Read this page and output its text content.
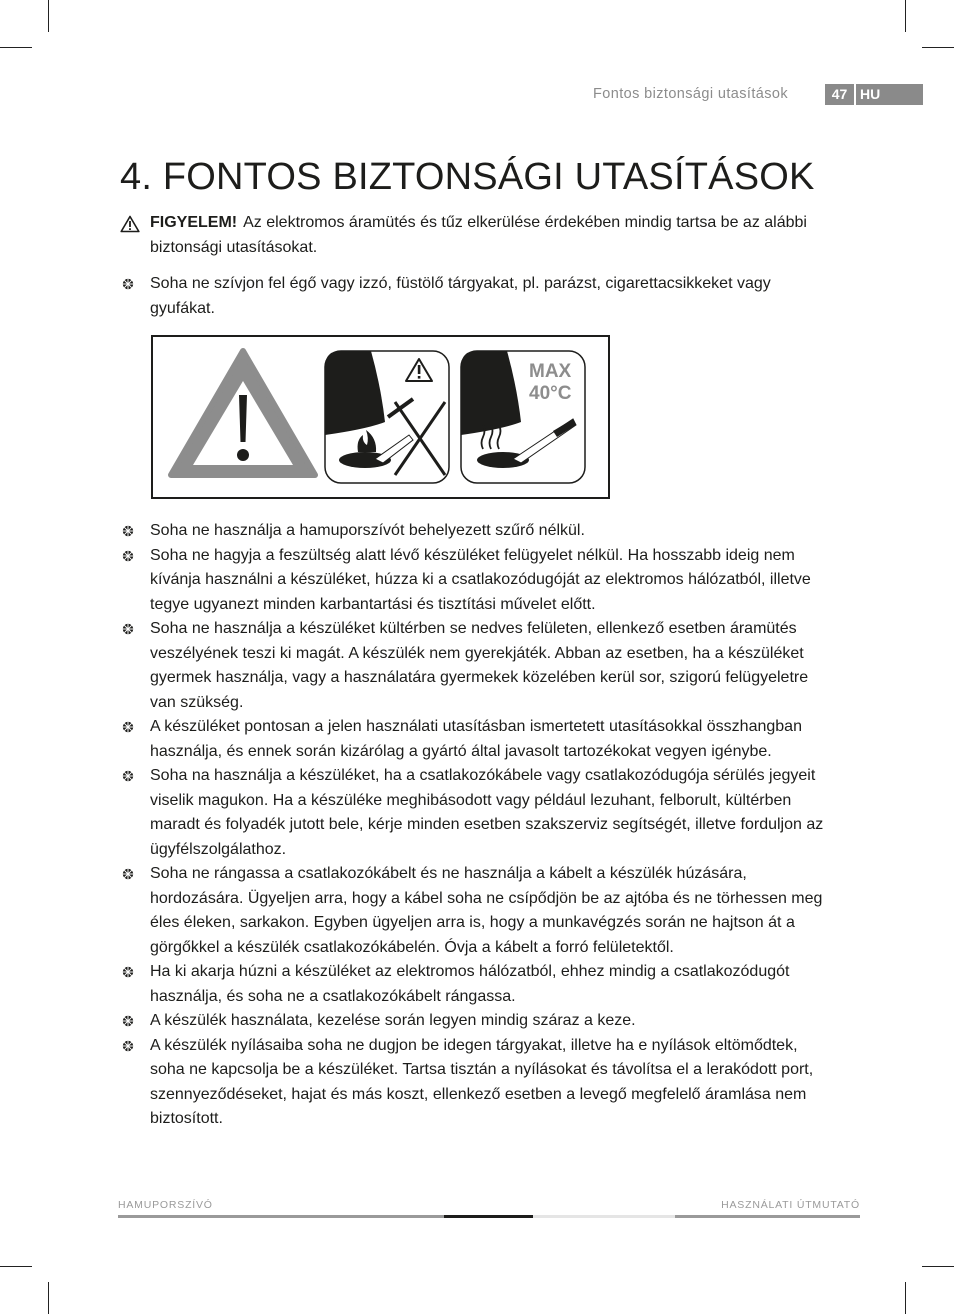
Fontos biztonsági utasítások	47 HU
4. FONTOS BIZTONSÁGI UTASÍTÁSOK
FIGYELEM! Az elektromos áramütés és tűz elkerülése érdekében mindig tartsa be az alábbi biztonsági utasításokat.
Soha ne szívjon fel égő vagy izzó, füstölő tárgyakat, pl. parázst, cigarettacsikkeket vagy gyufákat.
MAX
40°C
Soha ne használja a hamuporszívót behelyezett szűrő nélkül.
Soha ne hagyja a feszültség alatt lévő készüléket felügyelet nélkül. Ha hosszabb ideig nem kívánja használni a készüléket, húzza ki a csatlakozódugóját az elektromos hálózatból, illetve tegye ugyanezt minden karbantartási és tisztítási művelet előtt.
Soha ne használja a készüléket kültérben se nedves felületen, ellenkező esetben áramütés veszélyének teszi ki magát. A készülék nem gyerekjáték. Abban az esetben, ha a készüléket gyermek használja, vagy a használatára gyermekek közelében kerül sor, szigorú felügyeletre van szükség.
A készüléket pontosan a jelen használati utasításban ismertetett utasításokkal összhangban használja, és ennek során kizárólag a gyártó által javasolt tartozékokat vegyen igénybe.
Soha na használja a készüléket, ha a csatlakozókábele vagy csatlakozódugója sérülés jegyeit viselik magukon. Ha a készüléke meghibásodott vagy például lezuhant, felborult, kültérben maradt és folyadék jutott bele, kérje minden esetben szakszerviz segítségét, illetve forduljon az ügyfélszolgálathoz.
Soha ne rángassa a csatlakozókábelt és ne használja a kábelt a készülék húzására, hordozására. Ügyeljen arra, hogy a kábel soha ne csípődjön be az ajtóba és ne törhessen meg éles éleken, sarkakon. Egyben ügyeljen arra is, hogy a munkavégzés során ne hajtson át a görgőkkel a készülék csatlakozókábelén. Óvja a kábelt a forró felületektől.
Ha ki akarja húzni a készüléket az elektromos hálózatból, ehhez mindig a csatlakozódugót használja, és soha ne a csatlakozókábelt rángassa.
A készülék használata, kezelése során legyen mindig száraz a keze.
A készülék nyílásaiba soha ne dugjon be idegen tárgyakat, illetve ha e nyílások eltömődtek, soha ne kapcsolja be a készüléket. Tartsa tisztán a nyílásokat és távolítsa el a lerakódott port, szennyeződéseket, hajat és más koszt, ellenkező esetben a levegő megfelelő áramlása nem biztosított.
HAMUPORSZÍVÓ	HASZNÁLATI ÚTMUTATÓ
